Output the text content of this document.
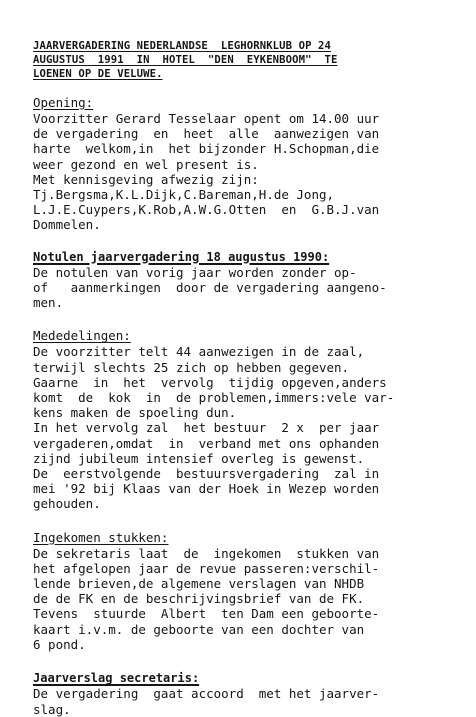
JAARVERGADERING NEDERLANDSE  LEGHORNKLUB OP 24
AUGUSTUS  1991  IN  HOTEL  "DEN  EYKENBOOM"  TE
LOENEN OP DE VELUWE.
Opening:
Voorzitter Gerard Tesselaar opent om 14.00 uur
de vergadering  en  heet  alle  aanwezigen van
harte  welkom,in  het bijzonder H.Schopman,die
weer gezond en wel present is.
Met kennisgeving afwezig zijn:
Tj.Bergsma,K.L.Dijk,C.Bareman,H.de Jong,
L.J.E.Cuypers,K.Rob,A.W.G.Otten  en  G.B.J.van
Dommelen.
Notulen jaarvergadering 18 augustus 1990:
De notulen van vorig jaar worden zonder op-
of   aanmerkingen  door de vergadering aangeno-
men.
Mededelingen:
De voorzitter telt 44 aanwezigen in de zaal,
terwijl slechts 25 zich op hebben gegeven.
Gaarne  in  het  vervolg  tijdig opgeven,anders
komt  de  kok  in  de problemen,immers:vele var-
kens maken de spoeling dun.
In het vervolg zal  het bestuur  2 x  per jaar
vergaderen,omdat  in  verband met ons ophanden
zijnd jubileum intensief overleg is gewenst.
De  eerstvolgende  bestuursvergadering  zal in
mei '92 bij Klaas van der Hoek in Wezep worden
gehouden.
Ingekomen stukken:
De sekretaris laat  de  ingekomen  stukken van
het afgelopen jaar de revue passeren:verschil-
lende brieven,de algemene verslagen van NHDB
de de FK en de beschrijvingsbrief van de FK.
Tevens  stuurde  Albert  ten Dam een geboorte-
kaart i.v.m. de geboorte van een dochter van
6 pond.
Jaarverslag secretaris:
De vergadering  gaat accoord  met het jaarver-
slag.
